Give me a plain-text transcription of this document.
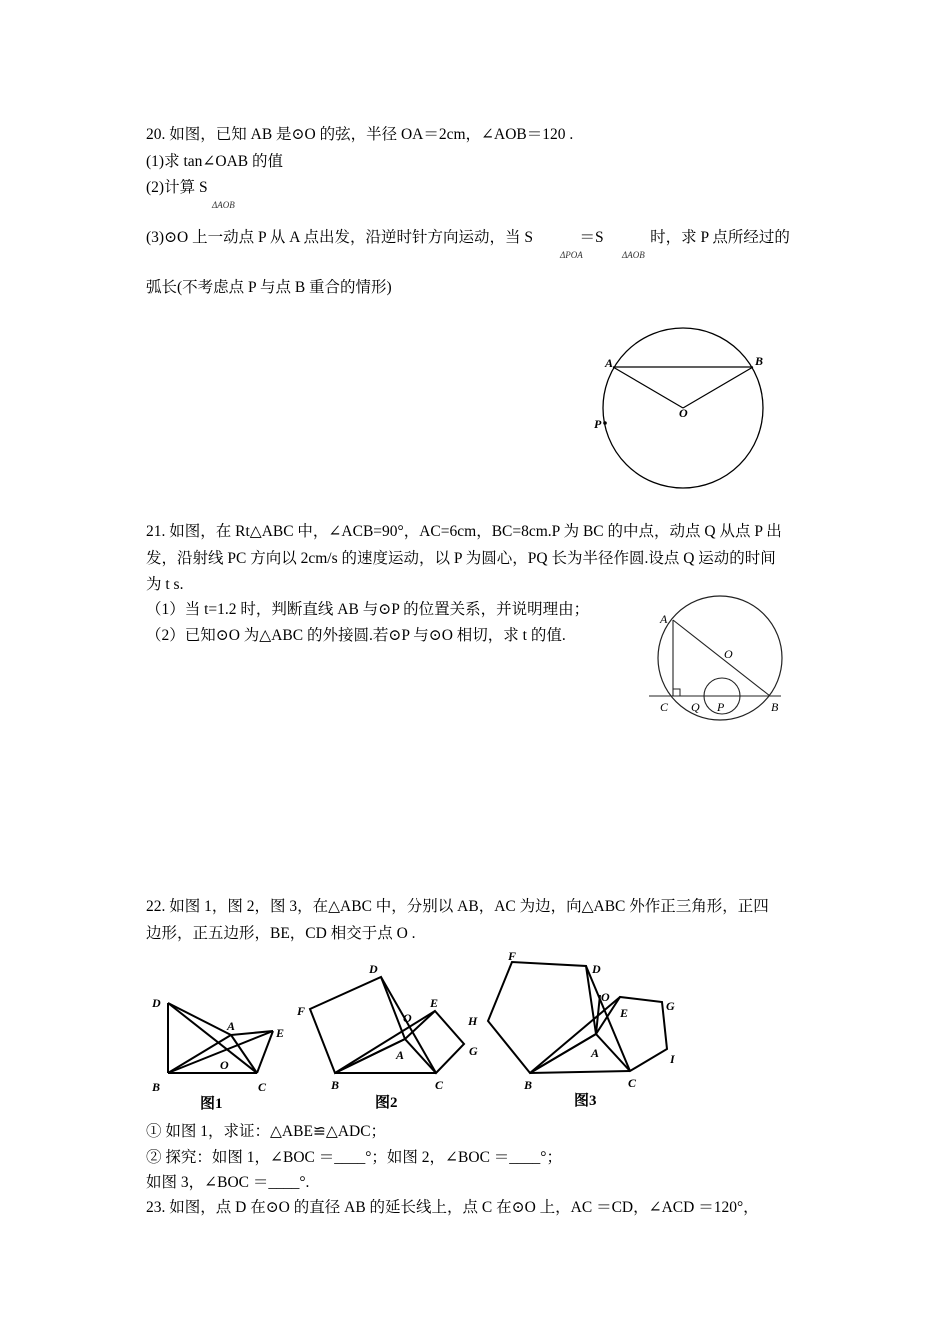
20. 如图，已知 AB 是⊙O 的弦，半径 OA＝2cm，∠AOB＝120 .
(1)求 tan∠OAB 的值
(2)计算 S
ΔAOB
(3)⊙O 上一动点 P 从 A 点出发，沿逆时针方向运动，当 S　　　＝S　　　时，求 P 点所经过的
ΔPOA	ΔAOB
弧长(不考虑点 P 与点 B 重合的情形)
A	B
O
P
21. 如图，在 Rt△ABC 中，∠ACB=90°，AC=6cm，BC=8cm.P 为 BC 的中点，动点 Q 从点 P 出
发，沿射线 PC 方向以 2cm/s 的速度运动，以 P 为圆心，PQ 长为半径作圆.设点 Q 运动的时间
为 t s.
（1）当 t=1.2 时，判断直线 AB 与⊙P 的位置关系，并说明理由；
（2）已知⊙O 为△ABC 的外接圆.若⊙P 与⊙O 相切，求 t 的值.
A
O
C Q P	B
22. 如图 1，图 2，图 3，在△ABC 中，分别以 AB，AC 为边，向△ABC 外作正三角形，正四
边形，正五边形，BE，CD 相交于点 O .
D
A	E
O
B	C
图1
D
F
E
O
A	G
B	C
图2
F
D
O
G
H
E
A	I
B	C
图3
① 如图 1，求证：△ABE≌△ADC；
② 探究：如图 1，∠BOC ＝____°；如图 2，∠BOC ＝____°；
如图 3，∠BOC ＝____°.
23. 如图，点 D 在⊙O 的直径 AB 的延长线上，点 C 在⊙O 上，AC ＝CD，∠ACD ＝120°，
